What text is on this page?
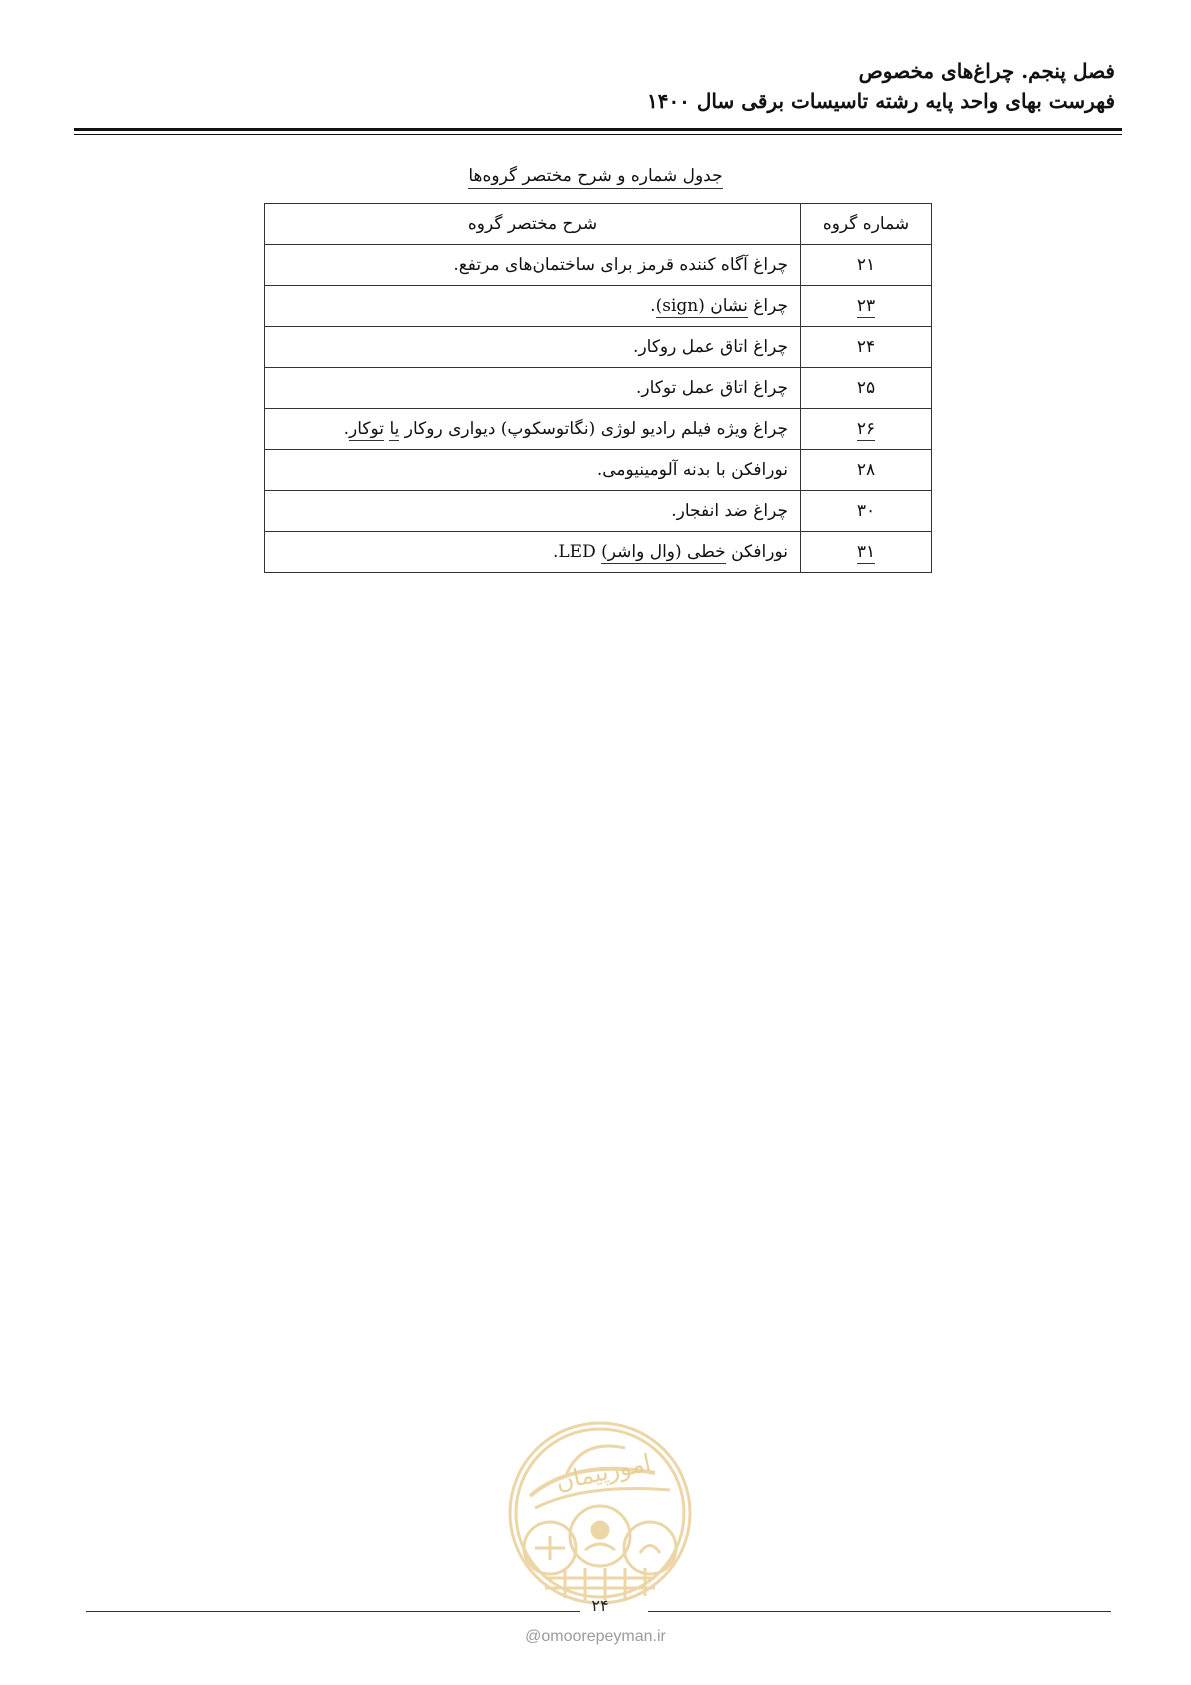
فصل پنجم. چراغ‌های مخصوص
فهرست بهای واحد پایه رشته تاسیسات برقی سال ۱۴۰۰
جدول شماره و شرح مختصر گروه‌ها
شماره گروه	شرح مختصر گروه
۲۱	چراغ آگاه کننده قرمز برای ساختمان‌های مرتفع.
۲۳	چراغ نشان (sign).
۲۴	چراغ اتاق عمل روکار.
۲۵	چراغ اتاق عمل توکار.
۲۶	چراغ ویژه فیلم رادیو لوژی (نگاتوسکوپ) دیواری روکار یا توکار.
۲۸	نورافکن با بدنه آلومینیومی.
۳۰	چراغ ضد انفجار.
۳۱	نورافکن خطی (وال واشر) LED.
امورپیمان
۲۴
@omoorepeyman.ir
